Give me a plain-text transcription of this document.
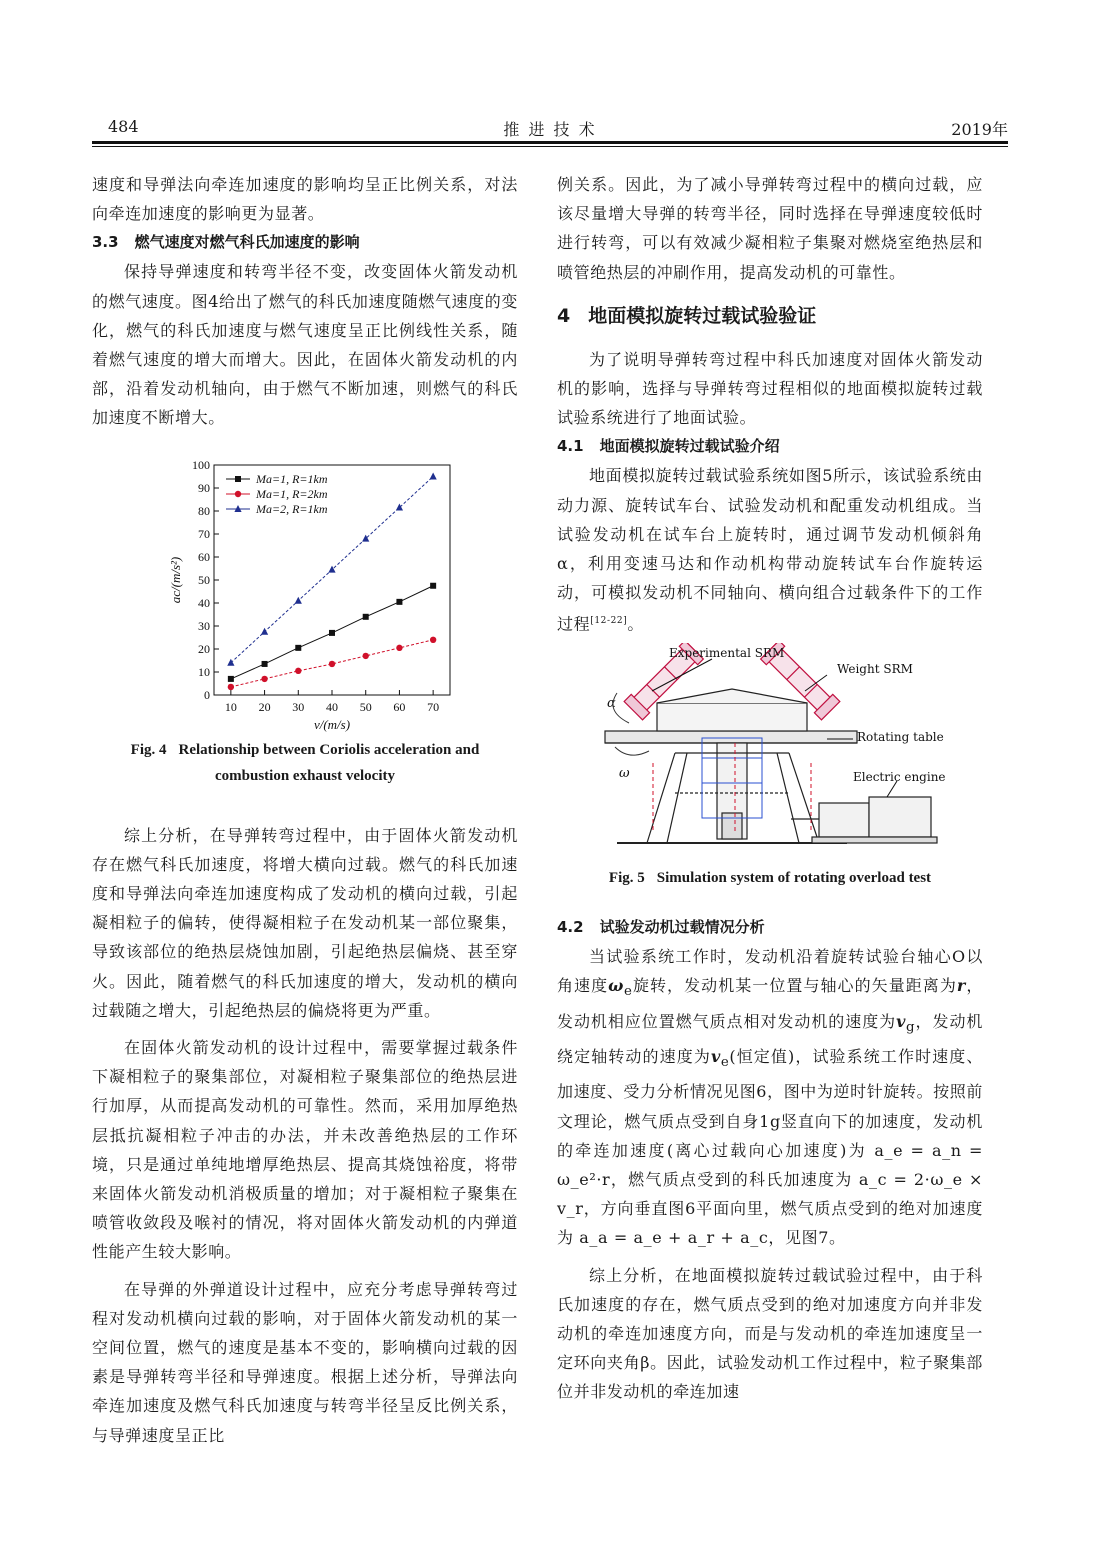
484	推 进 技 术	2019年

速度和导弹法向牵连加速度的影响均呈正比例关系，对法向牵连加速度的影响更为显著。

3.3 燃气速度对燃气科氏加速度的影响

保持导弹速度和转弯半径不变，改变固体火箭发动机的燃气速度。图4给出了燃气的科氏加速度随燃气速度的变化，燃气的科氏加速度与燃气速度呈正比例线性关系，随着燃气速度的增大而增大。因此，在固体火箭发动机的内部，沿着发动机轴向，由于燃气不断加速，则燃气的科氏加速度不断增大。

10 20 30 40 50 60 70
0
10
20
30
40
50
60
70
80
90
100
v/(m/s)
ac/(m/s²)
Ma=1, R=1km
Ma=1, R=2km
Ma=2, R=1km
Fig. 4 Relationship between Coriolis acceleration and
combustion exhaust velocity

综上分析，在导弹转弯过程中，由于固体火箭发动机存在燃气科氏加速度，将增大横向过载。燃气的科氏加速度和导弹法向牵连加速度构成了发动机的横向过载，引起凝相粒子的偏转，使得凝相粒子在发动机某一部位聚集，导致该部位的绝热层烧蚀加剧，引起绝热层偏烧、甚至穿火。因此，随着燃气的科氏加速度的增大，发动机的横向过载随之增大，引起绝热层的偏烧将更为严重。

在固体火箭发动机的设计过程中，需要掌握过载条件下凝相粒子的聚集部位，对凝相粒子聚集部位的绝热层进行加厚，从而提高发动机的可靠性。然而，采用加厚绝热层抵抗凝相粒子冲击的办法，并未改善绝热层的工作环境，只是通过单纯地增厚绝热层、提高其烧蚀裕度，将带来固体火箭发动机消极质量的增加；对于凝相粒子聚集在喷管收敛段及喉衬的情况，将对固体火箭发动机的内弹道性能产生较大影响。

在导弹的外弹道设计过程中，应充分考虑导弹转弯过程对发动机横向过载的影响，对于固体火箭发动机的某一空间位置，燃气的速度是基本不变的，影响横向过载的因素是导弹转弯半径和导弹速度。根据上述分析，导弹法向牵连加速度及燃气科氏加速度与转弯半径呈反比例关系，与导弹速度呈正比

例关系。因此，为了减小导弹转弯过程中的横向过载，应该尽量增大导弹的转弯半径，同时选择在导弹速度较低时进行转弯，可以有效减少凝相粒子集聚对燃烧室绝热层和喷管绝热层的冲刷作用，提高发动机的可靠性。

4 地面模拟旋转过载试验验证

为了说明导弹转弯过程中科氏加速度对固体火箭发动机的影响，选择与导弹转弯过程相似的地面模拟旋转过载试验系统进行了地面试验。

4.1 地面模拟旋转过载试验介绍

地面模拟旋转过载试验系统如图5所示，该试验系统由动力源、旋转试车台、试验发动机和配重发动机组成。当试验发动机在试车台上旋转时，通过调节发动机倾斜角α，利用变速马达和作动机构带动旋转试车台作旋转运动，可模拟发动机不同轴向、横向组合过载条件下的工作过程[12-22]。

Experimental SRM
Weight SRM
Rotating table
Electric engine
α
ω
Fig. 5 Simulation system of rotating overload test
4.2 试验发动机过载情况分析

当试验系统工作时，发动机沿着旋转试验台轴心O以角速度$\omega_e$旋转，发动机某一位置与轴心的矢量距离为r，发动机相应位置燃气质点相对发动机的速度为$v_g$，发动机绕定轴转动的速度为$v_e$(恒定值)，试验系统工作时速度、加速度、受力分析情况见图6，图中为逆时针旋转。按照前文理论，燃气质点受到自身1g竖直向下的加速度，发动机的牵连加速度(离心过载向心加速度)为 a_e = a_n = ω_e²·r，燃气质点受到的科氏加速度为 a_c = 2·ω_e × v_r，方向垂直图6平面向里，燃气质点受到的绝对加速度为 a_a = a_e + a_r + a_c，见图7。

综上分析，在地面模拟旋转过载试验过程中，由于科氏加速度的存在，燃气质点受到的绝对加速度方向并非发动机的牵连加速度方向，而是与发动机的牵连加速度呈一定环向夹角β。因此，试验发动机工作过程中，粒子聚集部位并非发动机的牵连加速
